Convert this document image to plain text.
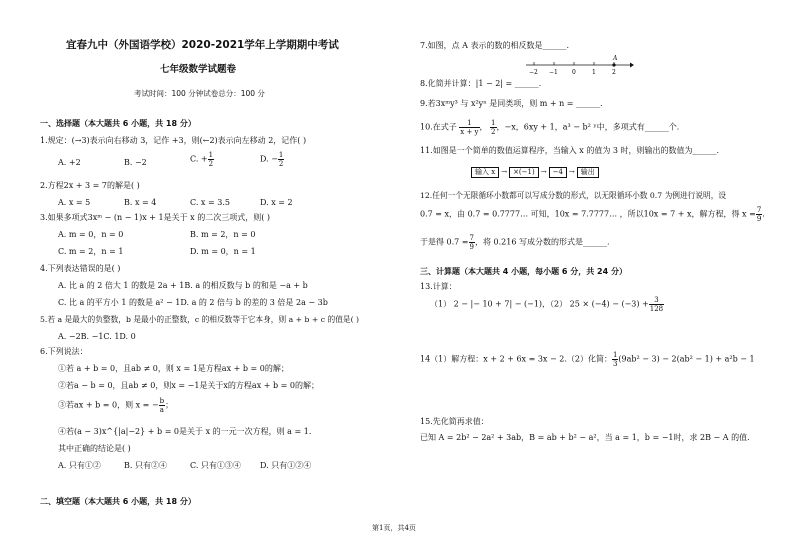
宜春九中（外国语学校）2020-2021学年上学期期中考试
七年级数学试题卷
考试时间：100 分钟试卷总分：100 分
一、选择题（本大题共 6 小题，共 18 分）
1.规定：(→3)表示向右移动 3，记作 +3，则(←2)表示向左移动 2，记作( )
A. +2	B. −2	C. + $\frac{1}{2}$	D. − $\frac{1}{2}$
2.方程2x + 3 = 7的解是( )
A. x = 5	B. x = 4	C. x = 3.5	D. x = 2
3.如果多项式3xᵐ − (n − 1)x + 1是关于 x 的二次三项式，则( )
A. m = 0，n = 0	B. m = 2，n = 0
C. m = 2，n = 1	D. m = 0，n = 1
4.下列表达错误的是( )
A. 比 a 的 2 倍大 1 的数是 2a + 1B. a 的相反数与 b 的和是 −a + b
C. 比 a 的平方小 1 的数是 a² − 1D. a 的 2 倍与 b 的差的 3 倍是 2a − 3b
5.若 a 是最大的负整数，b 是最小的正整数，c 的相反数等于它本身，则 a + b + c 的值是( )
A. −2B. −1C. 1D. 0
6.下列说法：
①若 a + b = 0，且ab ≠ 0，则 x = 1是方程ax + b = 0的解；
②若a − b = 0，且ab ≠ 0，则x = −1是关于x的方程ax + b = 0的解；
③若ax + b = 0，则 x = − $\frac{b}{a}$ ；
④若(a − 3)x^{|a|−2} + b = 0是关于 x 的一元一次方程，则 a = 1.
其中正确的结论是( )
A. 只有①②	B. 只有②④	C. 只有①③④ D. 只有①②④
二、填空题（本大题共 6 小题，共 18 分）
7.如图，点 A 表示的数的相反数是______.
A
−2 −1 0	1	2
8.化简并计算：|1 − 2| = ______.
9.若3xᵐy³ 与 x²yⁿ 是同类项，则 m + n = ______.
10.在式子 $\frac{1}{x + y}$ ， $\frac{1}{2}$ ，−x，6xy + 1，a³ − b² ʸ中，多项式有______个.
11.如图是一个简单的数值运算程序，当输入 x 的值为 3 时，则输出的数值为______.
输入 x → ×(−1) → −4 → 输出
12.任何一个无限循环小数都可以写成分数的形式，以无限循环小数 0.7 为例进行说明，设
0.7 = x，由 0.7 = 0.7777… 可知，10x = 7.7777… ，所以10x = 7 + x，解方程，得 $x = \frac{7}{9}$ .
于是得 $0.7 = \frac{7}{9}$ ，将 0.216 写成分数的形式是______.
三、计算题（本大题共 4 小题，每小题 6 分，共 24 分）
13.计算：
（1） 2 − |− 10 + 7| − (−1)，（2） $25 \times (-4) - (-3) + \frac{3}{128}$
14（1）解方程：x + 2 + 6x = 3x − 2.（2）化简： $\frac{1}{3} (9ab^2 - 3) - 2(ab^2 - 1) + a^2b - 1$
15.先化简再求值：
已知 A = 2b² − 2a² + 3ab，B = ab + b² − a²，当 a = 1，b = −1时，求 2B − A 的值.
第1页，共4页
